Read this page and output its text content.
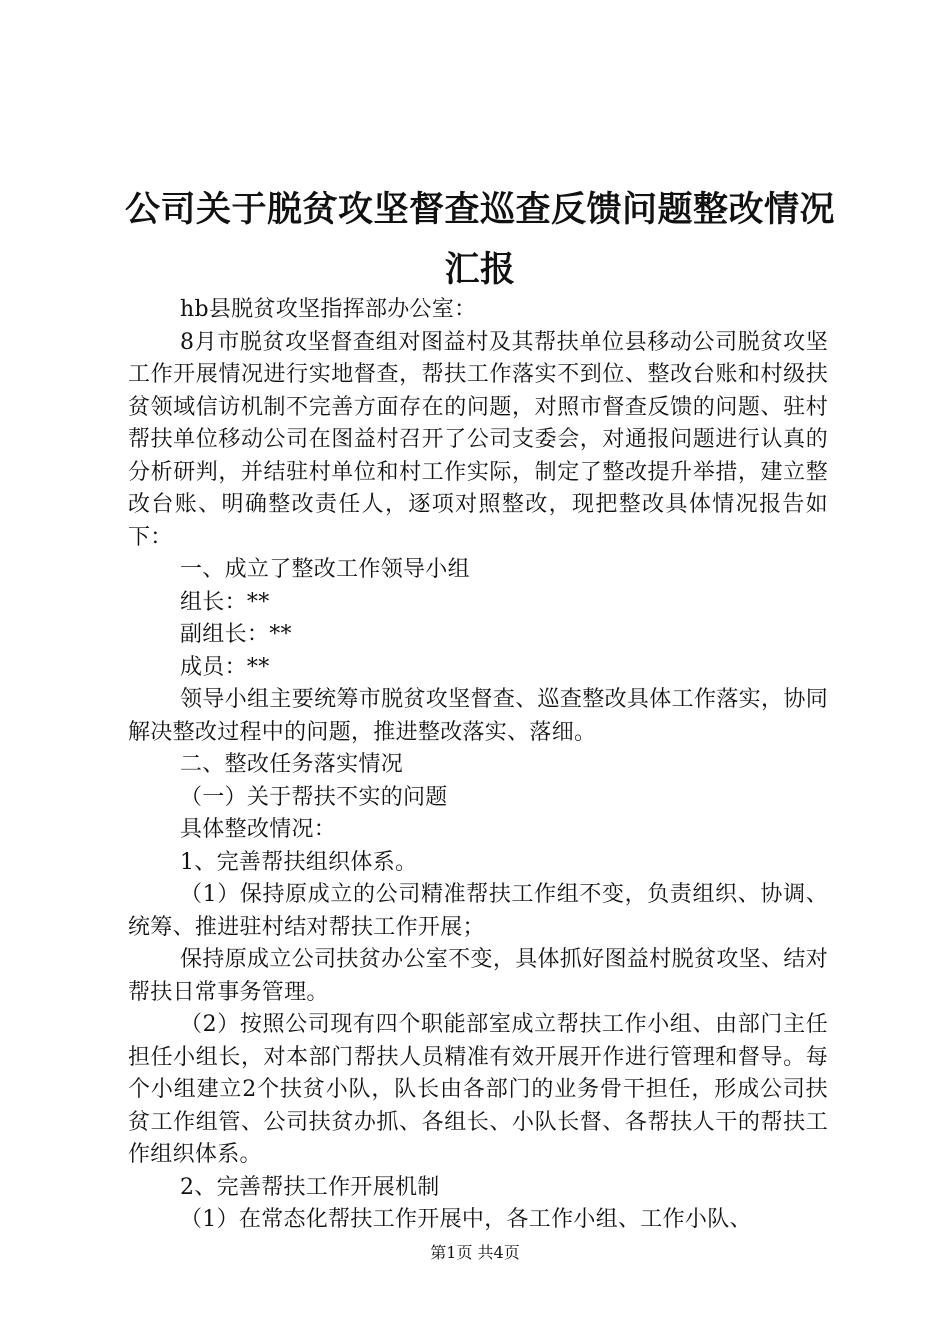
公司关于脱贫攻坚督查巡查反馈问题整改情况
汇报

hb县脱贫攻坚指挥部办公室：

8月市脱贫攻坚督查组对图益村及其帮扶单位县移动公司脱贫攻坚工作开展情况进行实地督查，帮扶工作落实不到位、整改台账和村级扶贫领域信访机制不完善方面存在的问题，对照市督查反馈的问题、驻村帮扶单位移动公司在图益村召开了公司支委会，对通报问题进行认真的分析研判，并结驻村单位和村工作实际，制定了整改提升举措，建立整改台账、明确整改责任人，逐项对照整改，现把整改具体情况报告如下：

一、成立了整改工作领导小组

组长：**

副组长：**

成员：**

领导小组主要统筹市脱贫攻坚督查、巡查整改具体工作落实，协同解决整改过程中的问题，推进整改落实、落细。

二、整改任务落实情况

（一）关于帮扶不实的问题

具体整改情况：

1、完善帮扶组织体系。

（1）保持原成立的公司精准帮扶工作组不变，负责组织、协调、统筹、推进驻村结对帮扶工作开展；

保持原成立公司扶贫办公室不变，具体抓好图益村脱贫攻坚、结对帮扶日常事务管理。

（2）按照公司现有四个职能部室成立帮扶工作小组、由部门主任担任小组长，对本部门帮扶人员精准有效开展开作进行管理和督导。每个小组建立2个扶贫小队，队长由各部门的业务骨干担任，形成公司扶贫工作组管、公司扶贫办抓、各组长、小队长督、各帮扶人干的帮扶工作组织体系。

2、完善帮扶工作开展机制

（1）在常态化帮扶工作开展中，各工作小组、工作小队、

第1页 共4页
